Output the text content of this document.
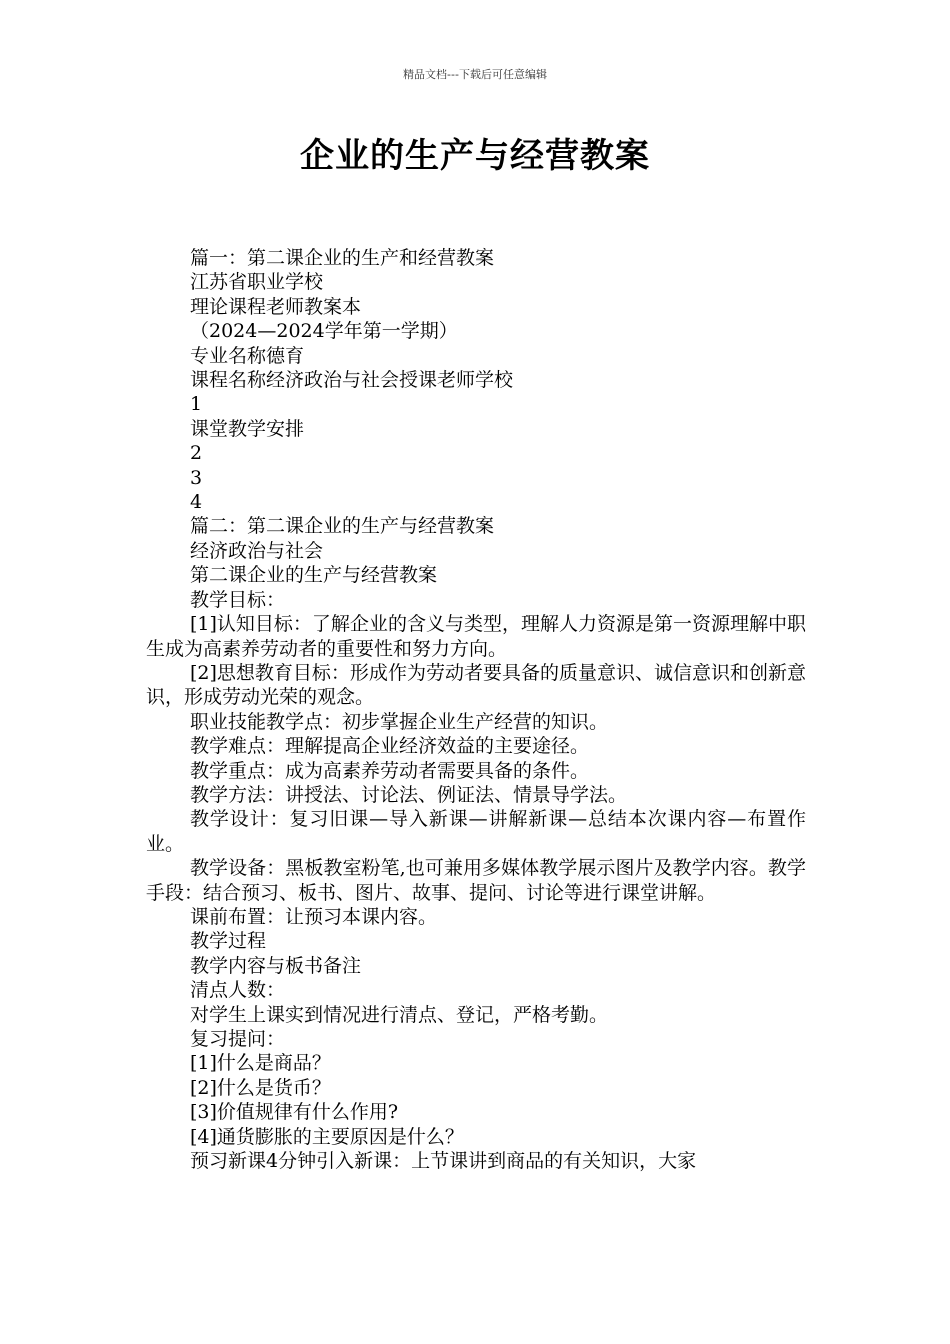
精品文档---下载后可任意编辑
企业的生产与经营教案

篇一：第二课企业的生产和经营教案

江苏省职业学校

理论课程老师教案本

（2024—2024学年第一学期）

专业名称德育

课程名称经济政治与社会授课老师学校

1

课堂教学安排

2

3

4

篇二：第二课企业的生产与经营教案

经济政治与社会

第二课企业的生产与经营教案

教学目标：

[1]认知目标：了解企业的含义与类型，理解人力资源是第一资源理解中职生成为高素养劳动者的重要性和努力方向。

[2]思想教育目标：形成作为劳动者要具备的质量意识、诚信意识和创新意识，形成劳动光荣的观念。

职业技能教学点：初步掌握企业生产经营的知识。

教学难点：理解提高企业经济效益的主要途径。

教学重点：成为高素养劳动者需要具备的条件。

教学方法：讲授法、讨论法、例证法、情景导学法。

教学设计：复习旧课—导入新课—讲解新课—总结本次课内容—布置作业。

教学设备：黑板教室粉笔,也可兼用多媒体教学展示图片及教学内容。教学手段：结合预习、板书、图片、故事、提问、讨论等进行课堂讲解。

课前布置：让预习本课内容。

教学过程

教学内容与板书备注

清点人数：

对学生上课实到情况进行清点、登记，严格考勤。

复习提问：

[1]什么是商品？

[2]什么是货币？

[3]价值规律有什么作用?

[4]通货膨胀的主要原因是什么？

预习新课4分钟引入新课：上节课讲到商品的有关知识，大家
